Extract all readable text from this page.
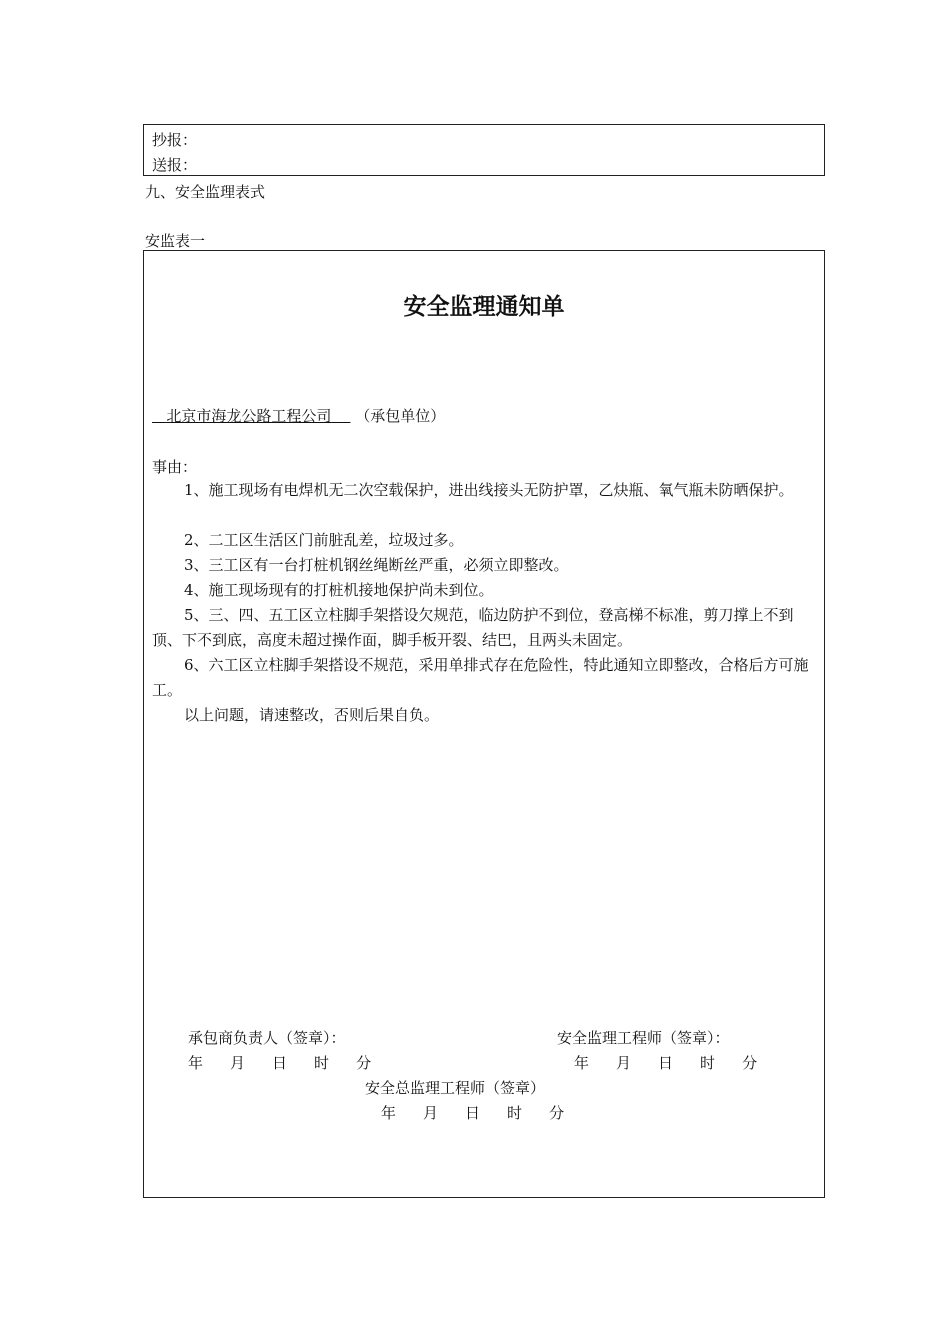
抄报：
送报：
九、安全监理表式
安监表一
安全监理通知单
北京市海龙公路工程公司 （承包单位）
事由：
1、施工现场有电焊机无二次空载保护，进出线接头无防护罩，乙炔瓶、氧气瓶未防晒保护。
2、二工区生活区门前脏乱差，垃圾过多。
3、三工区有一台打桩机钢丝绳断丝严重，必须立即整改。
4、施工现场现有的打桩机接地保护尚未到位。
5、三、四、五工区立柱脚手架搭设欠规范，临边防护不到位，登高梯不标准，剪刀撑上不到顶、下不到底，高度未超过操作面，脚手板开裂、结巴，且两头未固定。
6、六工区立柱脚手架搭设不规范，采用单排式存在危险性，特此通知立即整改，合格后方可施工。
以上问题，请速整改，否则后果自负。
承包商负责人（签章）：	安全监理工程师（签章）：
年 月 日 时 分	年 月 日 时 分
安全总监理工程师（签章）
年 月 日 时 分
